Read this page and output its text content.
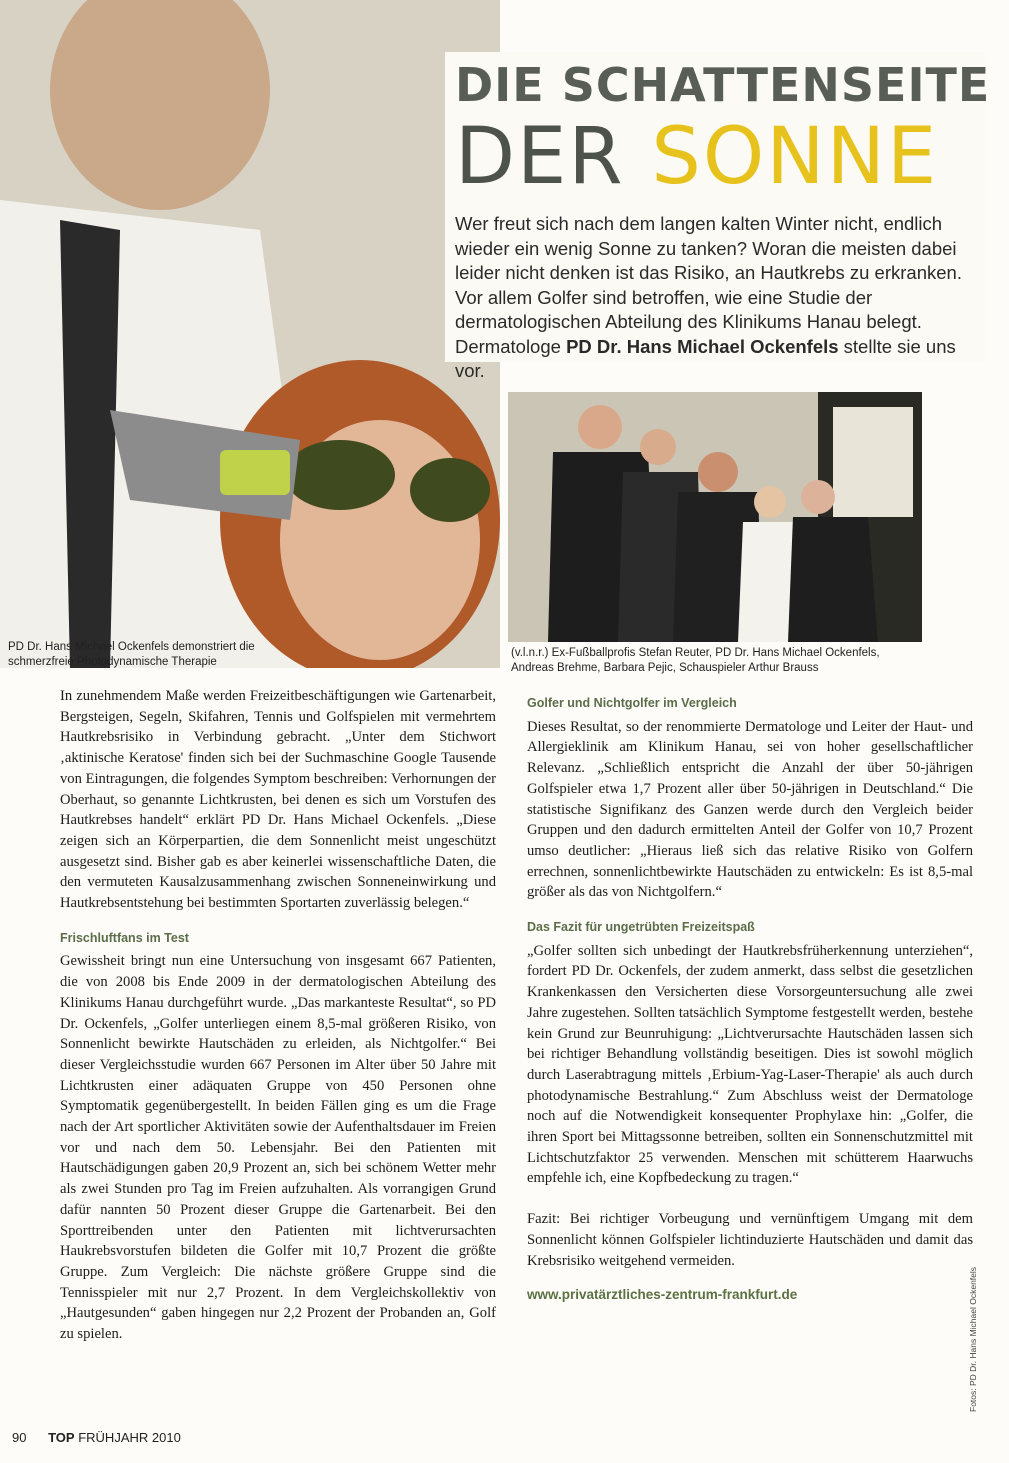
DIE SCHATTENSEITE
DER SONNE
Wer freut sich nach dem langen kalten Winter nicht, endlich wieder ein wenig Sonne zu tanken? Woran die meisten dabei leider nicht denken ist das Risiko, an Hautkrebs zu erkranken. Vor allem Golfer sind betroffen, wie eine Studie der dermatologischen Abteilung des Klinikums Hanau belegt. Dermatologe PD Dr. Hans Michael Ockenfels stellte sie uns vor.
PD Dr. Hans Michael Ockenfels demonstriert die schmerzfreie Photodynamische Therapie
(v.l.n.r.) Ex-Fußballprofis Stefan Reuter, PD Dr. Hans Michael Ockenfels, Andreas Brehme, Barbara Pejic, Schauspieler Arthur Brauss

In zunehmendem Maße werden Freizeitbeschäftigungen wie Gartenarbeit, Bergsteigen, Segeln, Skifahren, Tennis und Golfspielen mit vermehrtem Hautkrebsrisiko in Verbindung gebracht. „Unter dem Stichwort ‚aktinische Keratose' finden sich bei der Suchmaschine Google Tausende von Eintragungen, die folgendes Symptom beschreiben: Verhornungen der Oberhaut, so genannte Lichtkrusten, bei denen es sich um Vorstufen des Hautkrebses handelt“ erklärt PD Dr. Hans Michael Ockenfels. „Diese zeigen sich an Körperpartien, die dem Sonnenlicht meist ungeschützt ausgesetzt sind. Bisher gab es aber keinerlei wissenschaftliche Daten, die den vermuteten Kausalzusammenhang zwischen Sonneneinwirkung und Hautkrebsentstehung bei bestimmten Sportarten zuverlässig belegen.“

Frischluftfans im Test

Gewissheit bringt nun eine Untersuchung von insgesamt 667 Patienten, die von 2008 bis Ende 2009 in der dermatologischen Abteilung des Klinikums Hanau durchgeführt wurde. „Das markanteste Resultat“, so PD Dr. Ockenfels, „Golfer unterliegen einem 8,5-mal größeren Risiko, von Sonnenlicht bewirkte Hautschäden zu erleiden, als Nichtgolfer.“ Bei dieser Vergleichsstudie wurden 667 Personen im Alter über 50 Jahre mit Lichtkrusten einer adäquaten Gruppe von 450 Personen ohne Symptomatik gegenübergestellt. In beiden Fällen ging es um die Frage nach der Art sportlicher Aktivitäten sowie der Aufenthaltsdauer im Freien vor und nach dem 50. Lebensjahr. Bei den Patienten mit Hautschädigungen gaben 20,9 Prozent an, sich bei schönem Wetter mehr als zwei Stunden pro Tag im Freien aufzuhalten. Als vorrangigen Grund dafür nannten 50 Prozent dieser Gruppe die Gartenarbeit. Bei den Sporttreibenden unter den Patienten mit lichtverursachten Haukrebsvorstufen bildeten die Golfer mit 10,7 Prozent die größte Gruppe. Zum Vergleich: Die nächste größere Gruppe sind die Tennisspieler mit nur 2,7 Prozent. In dem Vergleichskollektiv von „Hautgesunden“ gaben hingegen nur 2,2 Prozent der Probanden an, Golf zu spielen.

Golfer und Nichtgolfer im Vergleich

Dieses Resultat, so der renommierte Dermatologe und Leiter der Haut- und Allergieklinik am Klinikum Hanau, sei von hoher gesellschaftlicher Relevanz. „Schließlich entspricht die Anzahl der über 50-jährigen Golfspieler etwa 1,7 Prozent aller über 50-jährigen in Deutschland.“ Die statistische Signifikanz des Ganzen werde durch den Vergleich beider Gruppen und den dadurch ermittelten Anteil der Golfer von 10,7 Prozent umso deutlicher: „Hieraus ließ sich das relative Risiko von Golfern errechnen, sonnenlichtbewirkte Hautschäden zu entwickeln: Es ist 8,5-mal größer als das von Nichtgolfern.“

Das Fazit für ungetrübten Freizeitspaß

„Golfer sollten sich unbedingt der Hautkrebsfrüherkennung unterziehen“, fordert PD Dr. Ockenfels, der zudem anmerkt, dass selbst die gesetzlichen Krankenkassen den Versicherten diese Vorsorgeuntersuchung alle zwei Jahre zugestehen. Sollten tatsächlich Symptome festgestellt werden, bestehe kein Grund zur Beunruhigung: „Lichtverursachte Hautschäden lassen sich bei richtiger Behandlung vollständig beseitigen. Dies ist sowohl möglich durch Laserabtragung mittels ‚Erbium-Yag-Laser-Therapie' als auch durch photodynamische Bestrahlung.“ Zum Abschluss weist der Dermatologe noch auf die Notwendigkeit konsequenter Prophylaxe hin: „Golfer, die ihren Sport bei Mittagssonne betreiben, sollten ein Sonnenschutzmittel mit Lichtschutzfaktor 25 verwenden. Menschen mit schütterem Haarwuchs empfehle ich, eine Kopfbedeckung zu tragen.“

Fazit: Bei richtiger Vorbeugung und vernünftigem Umgang mit dem Sonnenlicht können Golfspieler lichtinduzierte Hautschäden und damit das Krebsrisiko weitgehend vermeiden.

www.privatärztliches-zentrum-frankfurt.de
90 TOP FRÜHJAHR 2010
Fotos: PD Dr. Hans Michael Ockenfels
